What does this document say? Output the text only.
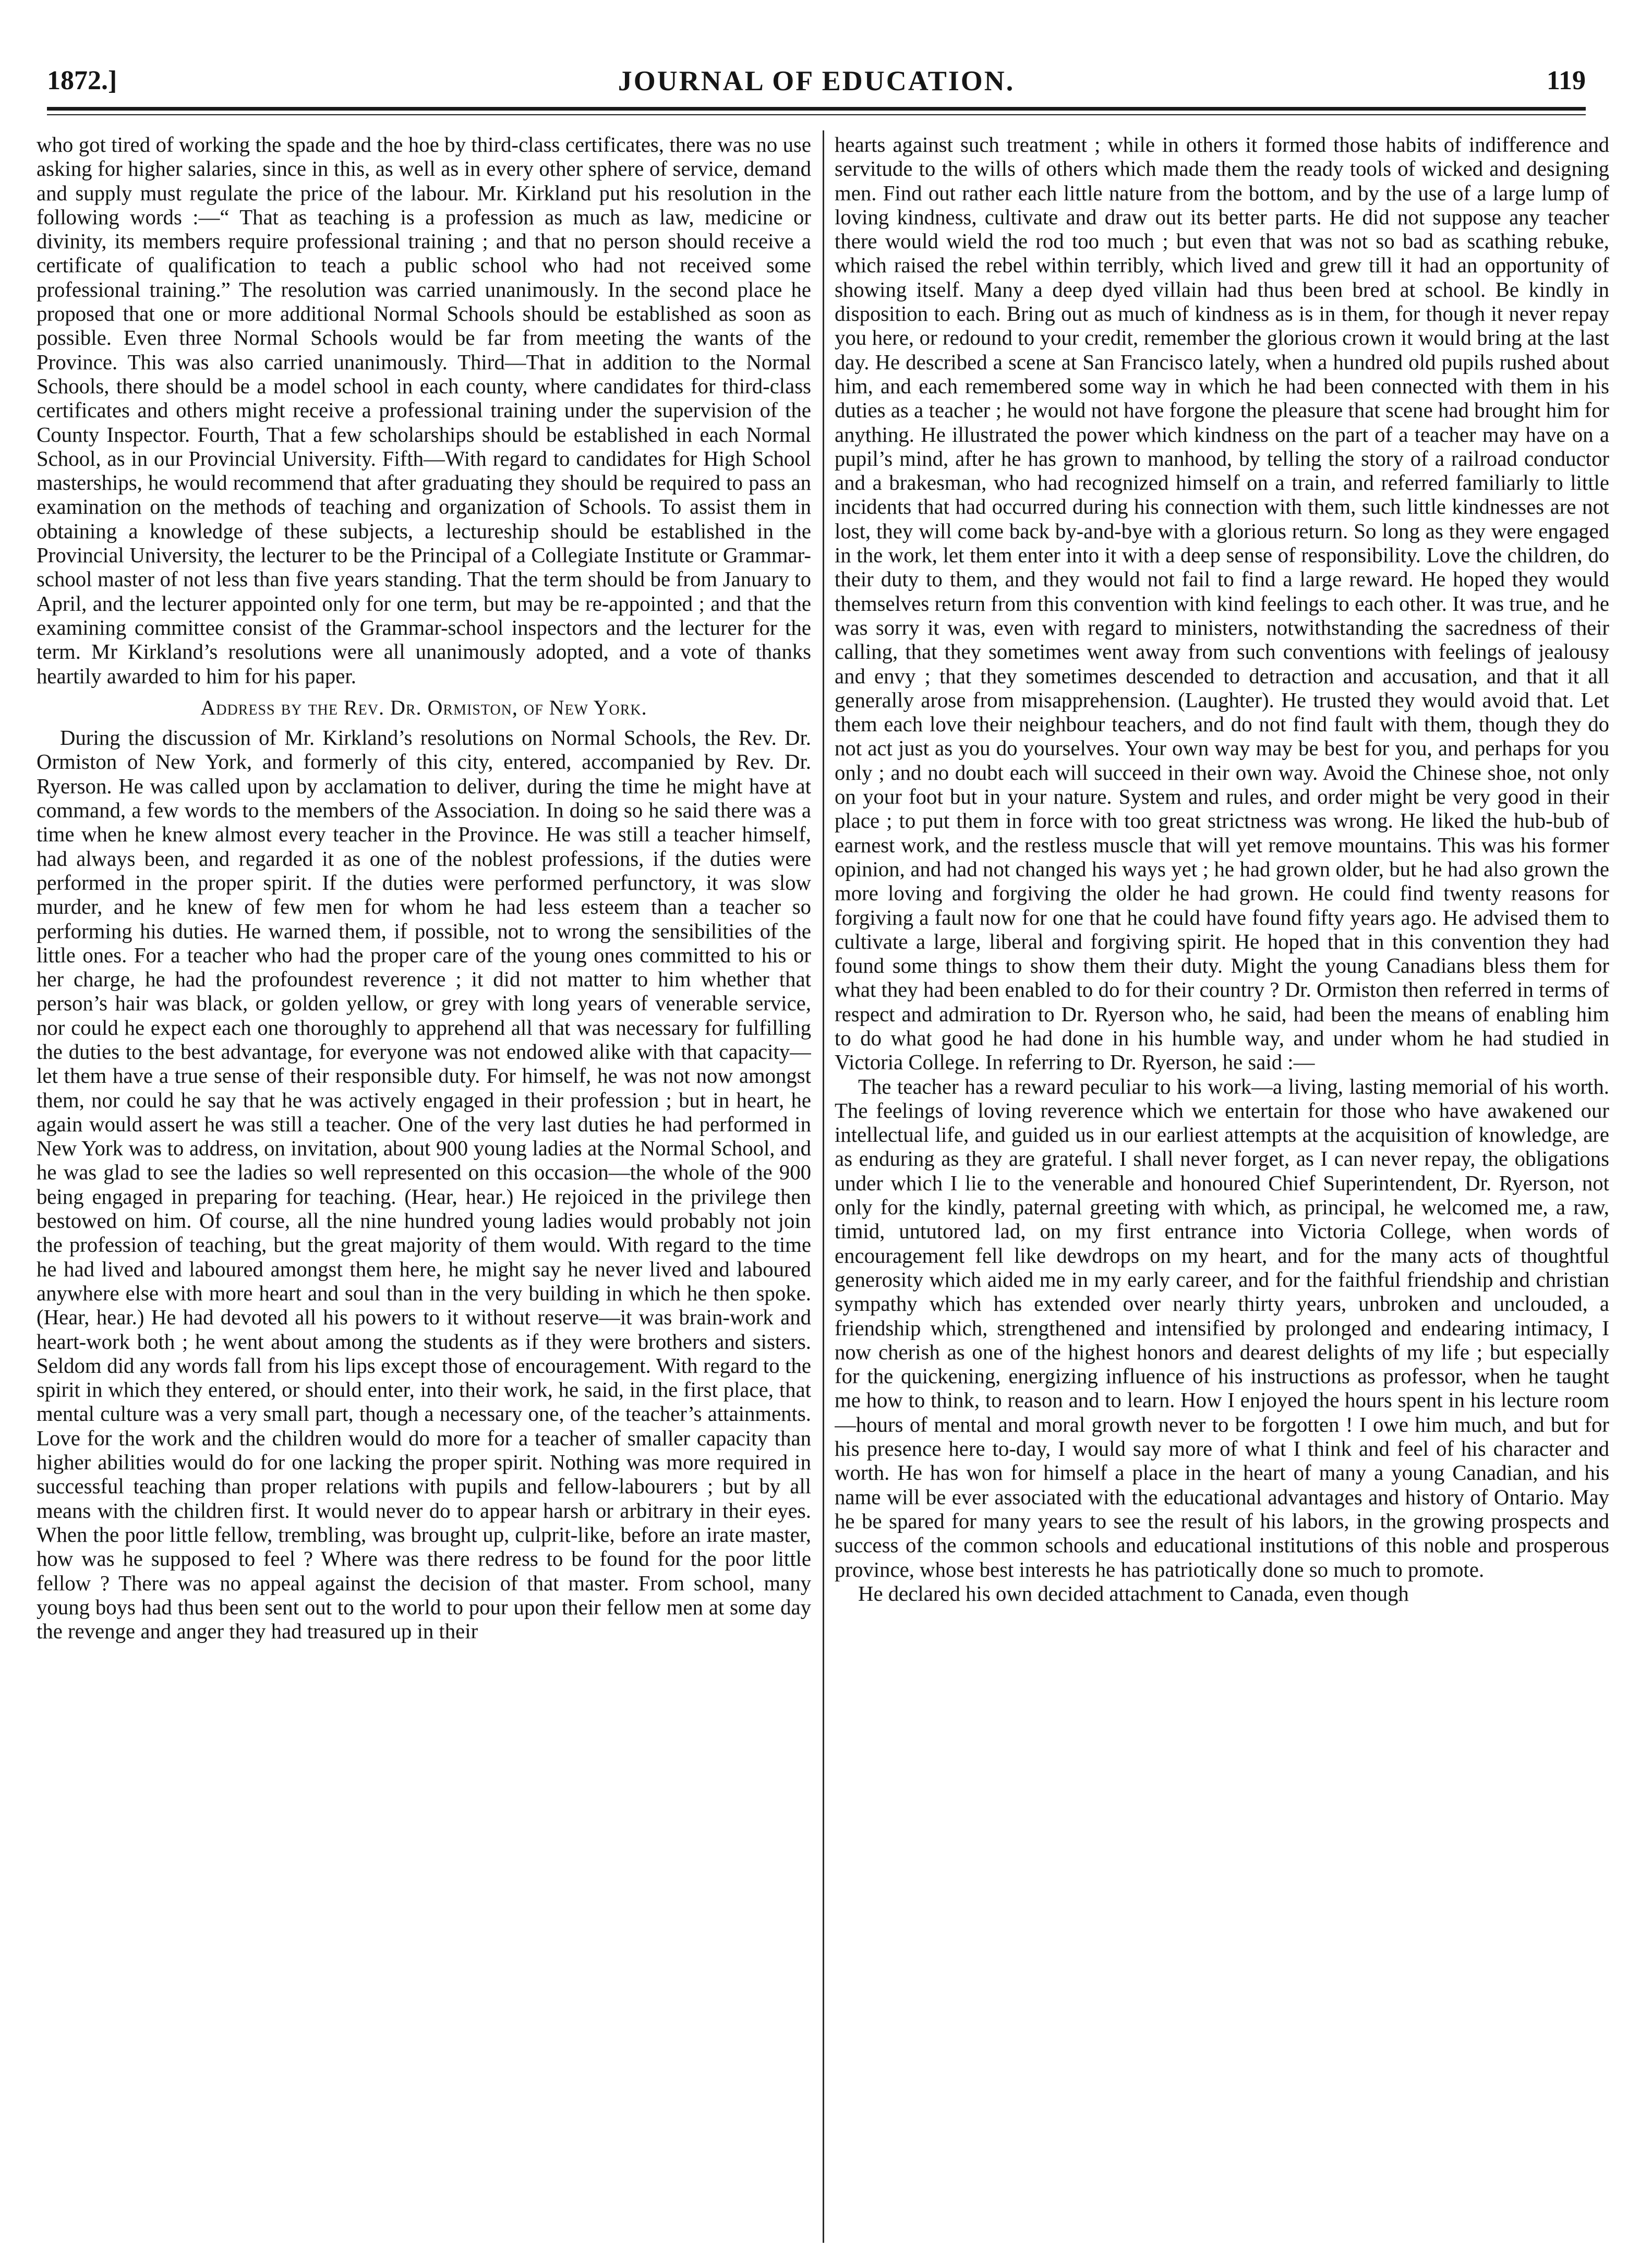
1872.]	JOURNAL OF EDUCATION.	119

who got tired of working the spade and the hoe by third-class certificates, there was no use asking for higher salaries, since in this, as well as in every other sphere of service, demand and supply must regulate the price of the labour. Mr. Kirkland put his resolution in the following words :—“ That as teaching is a profession as much as law, medicine or divinity, its members require professional training ; and that no person should receive a certificate of qualification to teach a public school who had not received some professional training.” The resolution was carried unanimously. In the second place he proposed that one or more additional Normal Schools should be established as soon as possible. Even three Normal Schools would be far from meeting the wants of the Province. This was also carried unanimously. Third—That in addition to the Normal Schools, there should be a model school in each county, where candidates for third-class certificates and others might receive a professional training under the supervision of the County Inspector. Fourth, That a few scholarships should be established in each Normal School, as in our Provincial University. Fifth—With regard to candidates for High School masterships, he would recommend that after graduating they should be required to pass an examination on the methods of teaching and organization of Schools. To assist them in obtaining a knowledge of these subjects, a lectureship should be established in the Provincial University, the lecturer to be the Principal of a Collegiate Institute or Grammar-school master of not less than five years standing. That the term should be from January to April, and the lecturer appointed only for one term, but may be re-appointed ; and that the examining committee consist of the Grammar-school inspectors and the lecturer for the term. Mr Kirkland’s resolutions were all unanimously adopted, and a vote of thanks heartily awarded to him for his paper.

Address by the Rev. Dr. Ormiston, of New York.

During the discussion of Mr. Kirkland’s resolutions on Normal Schools, the Rev. Dr. Ormiston of New York, and formerly of this city, entered, accompanied by Rev. Dr. Ryerson. He was called upon by acclamation to deliver, during the time he might have at command, a few words to the members of the Association. In doing so he said there was a time when he knew almost every teacher in the Province. He was still a teacher himself, had always been, and regarded it as one of the noblest professions, if the duties were performed in the proper spirit. If the duties were performed perfunctory, it was slow murder, and he knew of few men for whom he had less esteem than a teacher so performing his duties. He warned them, if possible, not to wrong the sensibilities of the little ones. For a teacher who had the proper care of the young ones committed to his or her charge, he had the profoundest reverence ; it did not matter to him whether that person’s hair was black, or golden yellow, or grey with long years of venerable service, nor could he expect each one thoroughly to apprehend all that was necessary for fulfilling the duties to the best advantage, for everyone was not endowed alike with that capacity—let them have a true sense of their responsible duty. For himself, he was not now amongst them, nor could he say that he was actively engaged in their profession ; but in heart, he again would assert he was still a teacher. One of the very last duties he had performed in New York was to address, on invitation, about 900 young ladies at the Normal School, and he was glad to see the ladies so well represented on this occasion—the whole of the 900 being engaged in preparing for teaching. (Hear, hear.) He rejoiced in the privilege then bestowed on him. Of course, all the nine hundred young ladies would probably not join the profession of teaching, but the great majority of them would. With regard to the time he had lived and laboured amongst them here, he might say he never lived and laboured anywhere else with more heart and soul than in the very building in which he then spoke. (Hear, hear.) He had devoted all his powers to it without reserve—it was brain-work and heart-work both ; he went about among the students as if they were brothers and sisters. Seldom did any words fall from his lips except those of encouragement. With regard to the spirit in which they entered, or should enter, into their work, he said, in the first place, that mental culture was a very small part, though a necessary one, of the teacher’s attainments. Love for the work and the children would do more for a teacher of smaller capacity than higher abilities would do for one lacking the proper spirit. Nothing was more required in successful teaching than proper relations with pupils and fellow-labourers ; but by all means with the children first. It would never do to appear harsh or arbitrary in their eyes. When the poor little fellow, trembling, was brought up, culprit-like, before an irate master, how was he supposed to feel ? Where was there redress to be found for the poor little fellow ? There was no appeal against the decision of that master. From school, many young boys had thus been sent out to the world to pour upon their fellow men at some day the revenge and anger they had treasured up in their

hearts against such treatment ; while in others it formed those habits of indifference and servitude to the wills of others which made them the ready tools of wicked and designing men. Find out rather each little nature from the bottom, and by the use of a large lump of loving kindness, cultivate and draw out its better parts. He did not suppose any teacher there would wield the rod too much ; but even that was not so bad as scathing rebuke, which raised the rebel within terribly, which lived and grew till it had an opportunity of showing itself. Many a deep dyed villain had thus been bred at school. Be kindly in disposition to each. Bring out as much of kindness as is in them, for though it never repay you here, or redound to your credit, remember the glorious crown it would bring at the last day. He described a scene at San Francisco lately, when a hundred old pupils rushed about him, and each remembered some way in which he had been connected with them in his duties as a teacher ; he would not have forgone the pleasure that scene had brought him for anything. He illustrated the power which kindness on the part of a teacher may have on a pupil’s mind, after he has grown to manhood, by telling the story of a railroad conductor and a brakesman, who had recognized himself on a train, and referred familiarly to little incidents that had occurred during his connection with them, such little kindnesses are not lost, they will come back by-and-bye with a glorious return. So long as they were engaged in the work, let them enter into it with a deep sense of responsibility. Love the children, do their duty to them, and they would not fail to find a large reward. He hoped they would themselves return from this convention with kind feelings to each other. It was true, and he was sorry it was, even with regard to ministers, notwithstanding the sacredness of their calling, that they sometimes went away from such conventions with feelings of jealousy and envy ; that they sometimes descended to detraction and accusation, and that it all generally arose from misapprehension. (Laughter). He trusted they would avoid that. Let them each love their neighbour teachers, and do not find fault with them, though they do not act just as you do yourselves. Your own way may be best for you, and perhaps for you only ; and no doubt each will succeed in their own way. Avoid the Chinese shoe, not only on your foot but in your nature. System and rules, and order might be very good in their place ; to put them in force with too great strictness was wrong. He liked the hub-bub of earnest work, and the restless muscle that will yet remove mountains. This was his former opinion, and had not changed his ways yet ; he had grown older, but he had also grown the more loving and forgiving the older he had grown. He could find twenty reasons for forgiving a fault now for one that he could have found fifty years ago. He advised them to cultivate a large, liberal and forgiving spirit. He hoped that in this convention they had found some things to show them their duty. Might the young Canadians bless them for what they had been enabled to do for their country ? Dr. Ormiston then referred in terms of respect and admiration to Dr. Ryerson who, he said, had been the means of enabling him to do what good he had done in his humble way, and under whom he had studied in Victoria College. In referring to Dr. Ryerson, he said :—

The teacher has a reward peculiar to his work—a living, lasting memorial of his worth. The feelings of loving reverence which we entertain for those who have awakened our intellectual life, and guided us in our earliest attempts at the acquisition of knowledge, are as enduring as they are grateful. I shall never forget, as I can never repay, the obligations under which I lie to the venerable and honoured Chief Superintendent, Dr. Ryerson, not only for the kindly, paternal greeting with which, as principal, he welcomed me, a raw, timid, untutored lad, on my first entrance into Victoria College, when words of encouragement fell like dewdrops on my heart, and for the many acts of thoughtful generosity which aided me in my early career, and for the faithful friendship and christian sympathy which has extended over nearly thirty years, unbroken and unclouded, a friendship which, strengthened and intensified by prolonged and endearing intimacy, I now cherish as one of the highest honors and dearest delights of my life ; but especially for the quickening, energizing influence of his instructions as professor, when he taught me how to think, to reason and to learn. How I enjoyed the hours spent in his lecture room—hours of mental and moral growth never to be forgotten ! I owe him much, and but for his presence here to-day, I would say more of what I think and feel of his character and worth. He has won for himself a place in the heart of many a young Canadian, and his name will be ever associated with the educational advantages and history of Ontario. May he be spared for many years to see the result of his labors, in the growing prospects and success of the common schools and educational institutions of this noble and prosperous province, whose best interests he has patriotically done so much to promote.

He declared his own decided attachment to Canada, even though
